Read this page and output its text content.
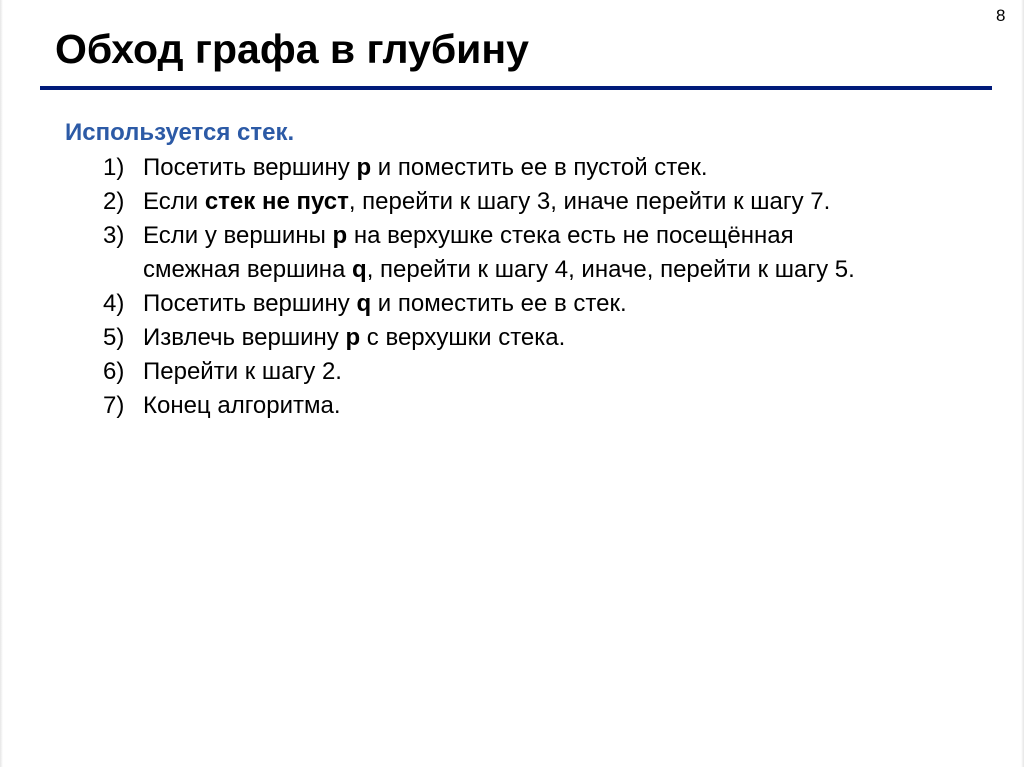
8
Обход графа в глубину
Используется стек.
1) Посетить вершину p и поместить ее в пустой стек.
2) Если стек не пуст, перейти к шагу 3, иначе перейти к шагу 7.
3) Если у вершины p на верхушке стека есть не посещённая смежная вершина q, перейти к шагу 4, иначе, перейти к шагу 5.
4) Посетить вершину q и поместить ее в стек.
5) Извлечь вершину p с верхушки стека.
6) Перейти к шагу 2.
7) Конец алгоритма.
